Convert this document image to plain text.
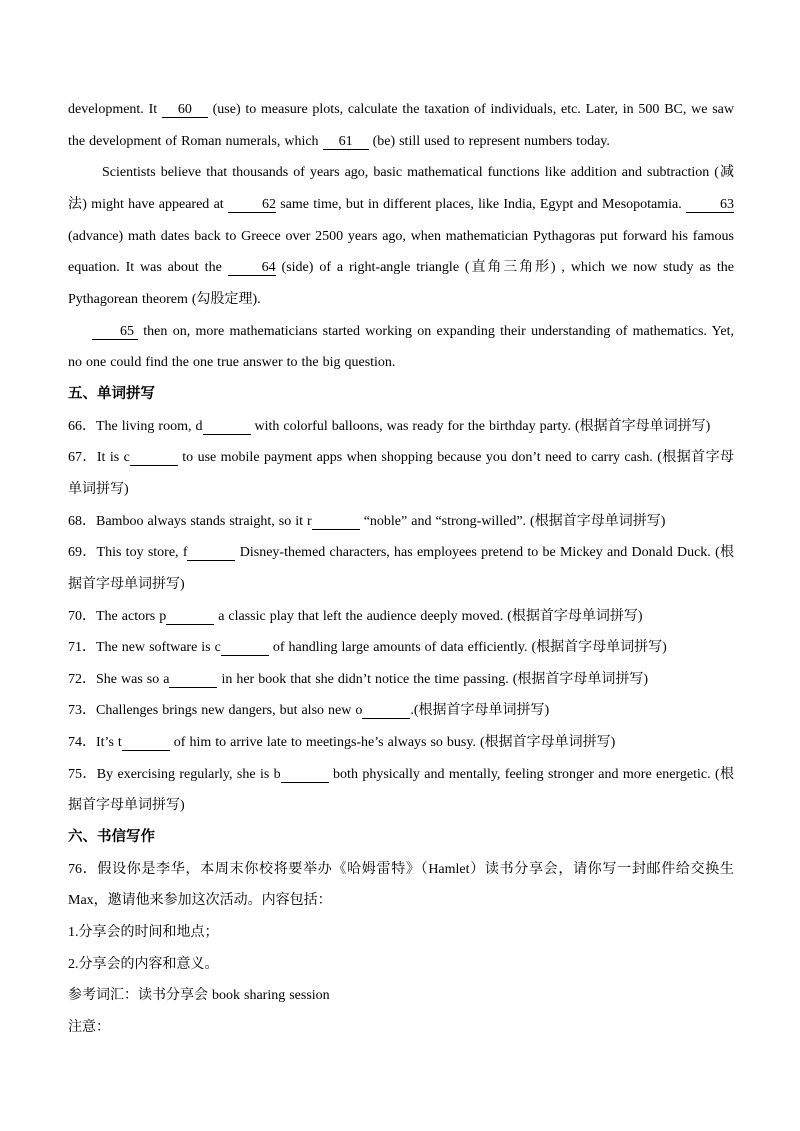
development. It 60 (use) to measure plots, calculate the taxation of individuals, etc. Later, in 500 BC, we saw the development of Roman numerals, which 61 (be) still used to represent numbers today.

Scientists believe that thousands of years ago, basic mathematical functions like addition and subtraction (减法) might have appeared at 62 same time, but in different places, like India, Egypt and Mesopotamia. 63 (advance) math dates back to Greece over 2500 years ago, when mathematician Pythagoras put forward his famous equation. It was about the 64 (side) of a right-angle triangle (直角三角形) , which we now study as the Pythagorean theorem (勾股定理).

65 then on, more mathematicians started working on expanding their understanding of mathematics. Yet, no one could find the one true answer to the big question.

五、单词拼写

66．The living room, d	with colorful balloons, was ready for the birthday party. (根据首字母单词拼写)

67．It is c	to use mobile payment apps when shopping because you don’t need to carry cash. (根据首字母单词拼写)

68．Bamboo always stands straight, so it r	“noble” and “strong-willed”. (根据首字母单词拼写)

69．This toy store, f	Disney-themed characters, has employees pretend to be Mickey and Donald Duck. (根据首字母单词拼写)

70．The actors p	a classic play that left the audience deeply moved. (根据首字母单词拼写)

71．The new software is c	of handling large amounts of data efficiently. (根据首字母单词拼写)

72．She was so a	in her book that she didn’t notice the time passing. (根据首字母单词拼写)

73．Challenges brings new dangers, but also new o	.(根据首字母单词拼写)

74．It’s t	of him to arrive late to meetings-he’s always so busy. (根据首字母单词拼写)

75．By exercising regularly, she is b	both physically and mentally, feeling stronger and more energetic. (根据首字母单词拼写)

六、书信写作

76．假设你是李华，本周末你校将要举办《哈姆雷特》（Hamlet）读书分享会，请你写一封邮件给交换生Max，邀请他来参加这次活动。内容包括：

1.分享会的时间和地点；

2.分享会的内容和意义。

参考词汇：读书分享会 book sharing session

注意：
